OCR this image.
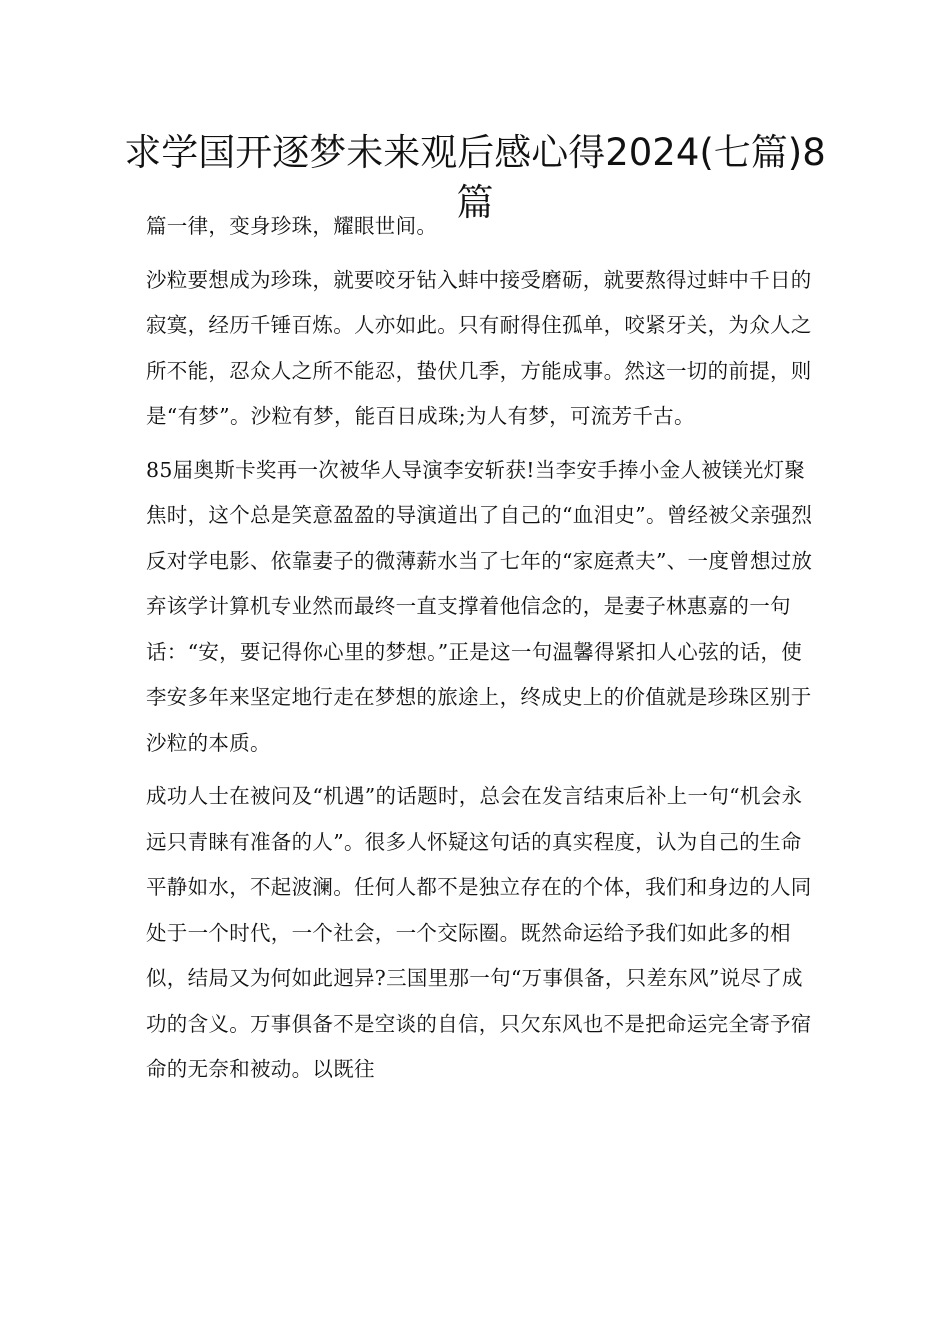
求学国开逐梦未来观后感心得2024(七篇)8篇

篇一律，变身珍珠，耀眼世间。

沙粒要想成为珍珠，就要咬牙钻入蚌中接受磨砺，就要熬得过蚌中千日的寂寞，经历千锤百炼。人亦如此。只有耐得住孤单，咬紧牙关，为众人之所不能，忍众人之所不能忍，蛰伏几季，方能成事。然这一切的前提，则是“有梦”。沙粒有梦，能百日成珠;为人有梦，可流芳千古。

85届奥斯卡奖再一次被华人导演李安斩获!当李安手捧小金人被镁光灯聚焦时，这个总是笑意盈盈的导演道出了自己的“血泪史”。曾经被父亲强烈反对学电影、依靠妻子的微薄薪水当了七年的“家庭煮夫”、一度曾想过放弃该学计算机专业然而最终一直支撑着他信念的，是妻子林惠嘉的一句话：“安，要记得你心里的梦想。”正是这一句温馨得紧扣人心弦的话，使李安多年来坚定地行走在梦想的旅途上，终成史上的价值就是珍珠区别于沙粒的本质。

成功人士在被问及“机遇”的话题时，总会在发言结束后补上一句“机会永远只青睐有准备的人”。很多人怀疑这句话的真实程度，认为自己的生命平静如水，不起波澜。任何人都不是独立存在的个体，我们和身边的人同处于一个时代，一个社会，一个交际圈。既然命运给予我们如此多的相似，结局又为何如此迥异?三国里那一句“万事俱备，只差东风”说尽了成功的含义。万事俱备不是空谈的自信，只欠东风也不是把命运完全寄予宿命的无奈和被动。以既往
